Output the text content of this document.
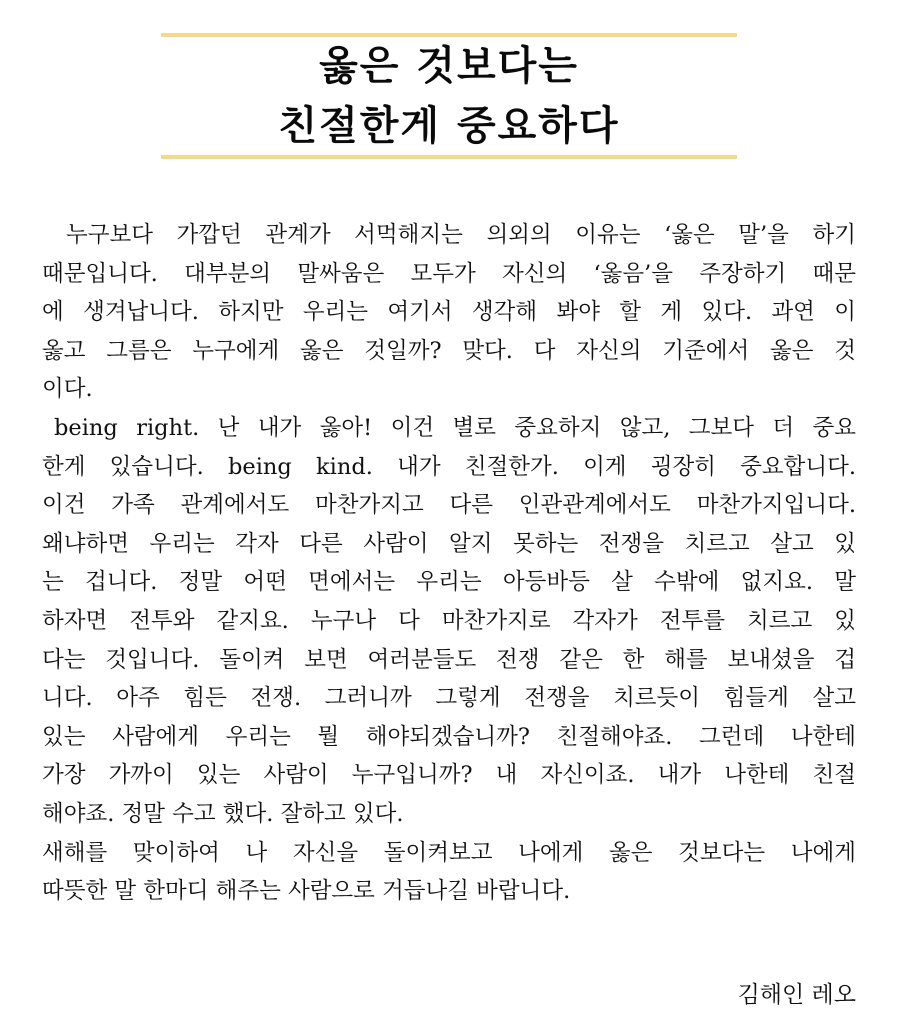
옳은 것보다는
친절한게 중요하다
누구보다 가깝던 관계가 서먹해지는 의외의 이유는 ‘옳은 말’을 하기
때문입니다. 대부분의 말싸움은 모두가 자신의 ‘옳음’을 주장하기 때문
에 생겨납니다. 하지만 우리는 여기서 생각해 봐야 할 게 있다. 과연 이
옳고 그름은 누구에게 옳은 것일까? 맞다. 다 자신의 기준에서 옳은 것
이다.
being right. 난 내가 옳아! 이건 별로 중요하지 않고, 그보다 더 중요
한게 있습니다. being kind. 내가 친절한가. 이게 굉장히 중요합니다.
이건 가족 관계에서도 마찬가지고 다른 인관관계에서도 마찬가지입니다.
왜냐하면 우리는 각자 다른 사람이 알지 못하는 전쟁을 치르고 살고 있
는 겁니다. 정말 어떤 면에서는 우리는 아등바등 살 수밖에 없지요. 말
하자면 전투와 같지요. 누구나 다 마찬가지로 각자가 전투를 치르고 있
다는 것입니다. 돌이켜 보면 여러분들도 전쟁 같은 한 해를 보내셨을 겁
니다. 아주 힘든 전쟁. 그러니까 그렇게 전쟁을 치르듯이 힘들게 살고
있는 사람에게 우리는 뭘 해야되겠습니까? 친절해야죠. 그런데 나한테
가장 가까이 있는 사람이 누구입니까? 내 자신이죠. 내가 나한테 친절
해야죠. 정말 수고 했다. 잘하고 있다.
새해를 맞이하여 나 자신을 돌이켜보고 나에게 옳은 것보다는 나에게
따뜻한 말 한마디 해주는 사람으로 거듭나길 바랍니다.
김해인 레오
